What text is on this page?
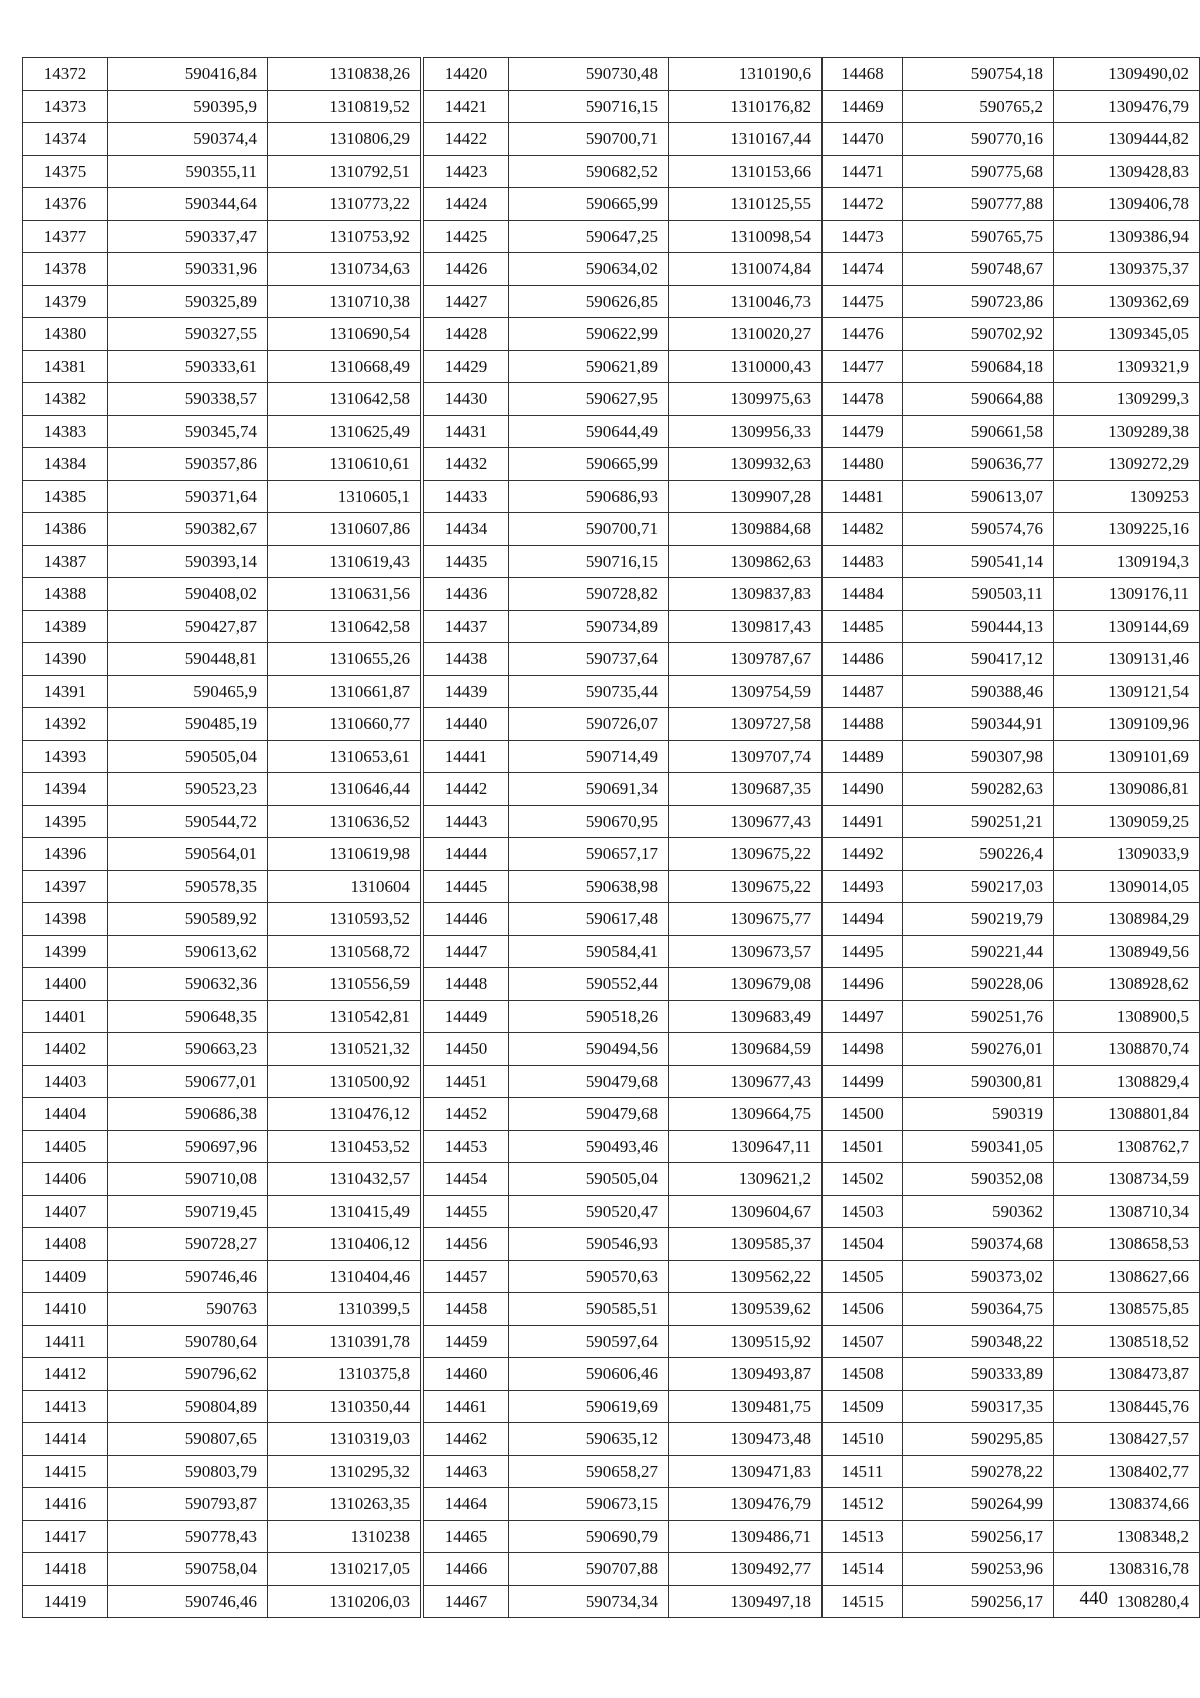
14372	590416,84	1310838,26
14373	590395,9	1310819,52
14374	590374,4	1310806,29
14375	590355,11	1310792,51
14376	590344,64	1310773,22
14377	590337,47	1310753,92
14378	590331,96	1310734,63
14379	590325,89	1310710,38
14380	590327,55	1310690,54
14381	590333,61	1310668,49
14382	590338,57	1310642,58
14383	590345,74	1310625,49
14384	590357,86	1310610,61
14385	590371,64	1310605,1
14386	590382,67	1310607,86
14387	590393,14	1310619,43
14388	590408,02	1310631,56
14389	590427,87	1310642,58
14390	590448,81	1310655,26
14391	590465,9	1310661,87
14392	590485,19	1310660,77
14393	590505,04	1310653,61
14394	590523,23	1310646,44
14395	590544,72	1310636,52
14396	590564,01	1310619,98
14397	590578,35	1310604
14398	590589,92	1310593,52
14399	590613,62	1310568,72
14400	590632,36	1310556,59
14401	590648,35	1310542,81
14402	590663,23	1310521,32
14403	590677,01	1310500,92
14404	590686,38	1310476,12
14405	590697,96	1310453,52
14406	590710,08	1310432,57
14407	590719,45	1310415,49
14408	590728,27	1310406,12
14409	590746,46	1310404,46
14410	590763	1310399,5
14411	590780,64	1310391,78
14412	590796,62	1310375,8
14413	590804,89	1310350,44
14414	590807,65	1310319,03
14415	590803,79	1310295,32
14416	590793,87	1310263,35
14417	590778,43	1310238
14418	590758,04	1310217,05
14419	590746,46	1310206,03
14420	590730,48	1310190,6
14421	590716,15	1310176,82
14422	590700,71	1310167,44
14423	590682,52	1310153,66
14424	590665,99	1310125,55
14425	590647,25	1310098,54
14426	590634,02	1310074,84
14427	590626,85	1310046,73
14428	590622,99	1310020,27
14429	590621,89	1310000,43
14430	590627,95	1309975,63
14431	590644,49	1309956,33
14432	590665,99	1309932,63
14433	590686,93	1309907,28
14434	590700,71	1309884,68
14435	590716,15	1309862,63
14436	590728,82	1309837,83
14437	590734,89	1309817,43
14438	590737,64	1309787,67
14439	590735,44	1309754,59
14440	590726,07	1309727,58
14441	590714,49	1309707,74
14442	590691,34	1309687,35
14443	590670,95	1309677,43
14444	590657,17	1309675,22
14445	590638,98	1309675,22
14446	590617,48	1309675,77
14447	590584,41	1309673,57
14448	590552,44	1309679,08
14449	590518,26	1309683,49
14450	590494,56	1309684,59
14451	590479,68	1309677,43
14452	590479,68	1309664,75
14453	590493,46	1309647,11
14454	590505,04	1309621,2
14455	590520,47	1309604,67
14456	590546,93	1309585,37
14457	590570,63	1309562,22
14458	590585,51	1309539,62
14459	590597,64	1309515,92
14460	590606,46	1309493,87
14461	590619,69	1309481,75
14462	590635,12	1309473,48
14463	590658,27	1309471,83
14464	590673,15	1309476,79
14465	590690,79	1309486,71
14466	590707,88	1309492,77
14467	590734,34	1309497,18
14468	590754,18	1309490,02
14469	590765,2	1309476,79
14470	590770,16	1309444,82
14471	590775,68	1309428,83
14472	590777,88	1309406,78
14473	590765,75	1309386,94
14474	590748,67	1309375,37
14475	590723,86	1309362,69
14476	590702,92	1309345,05
14477	590684,18	1309321,9
14478	590664,88	1309299,3
14479	590661,58	1309289,38
14480	590636,77	1309272,29
14481	590613,07	1309253
14482	590574,76	1309225,16
14483	590541,14	1309194,3
14484	590503,11	1309176,11
14485	590444,13	1309144,69
14486	590417,12	1309131,46
14487	590388,46	1309121,54
14488	590344,91	1309109,96
14489	590307,98	1309101,69
14490	590282,63	1309086,81
14491	590251,21	1309059,25
14492	590226,4	1309033,9
14493	590217,03	1309014,05
14494	590219,79	1308984,29
14495	590221,44	1308949,56
14496	590228,06	1308928,62
14497	590251,76	1308900,5
14498	590276,01	1308870,74
14499	590300,81	1308829,4
14500	590319	1308801,84
14501	590341,05	1308762,7
14502	590352,08	1308734,59
14503	590362	1308710,34
14504	590374,68	1308658,53
14505	590373,02	1308627,66
14506	590364,75	1308575,85
14507	590348,22	1308518,52
14508	590333,89	1308473,87
14509	590317,35	1308445,76
14510	590295,85	1308427,57
14511	590278,22	1308402,77
14512	590264,99	1308374,66
14513	590256,17	1308348,2
14514	590253,96	1308316,78
14515	590256,17	1308280,4
440
